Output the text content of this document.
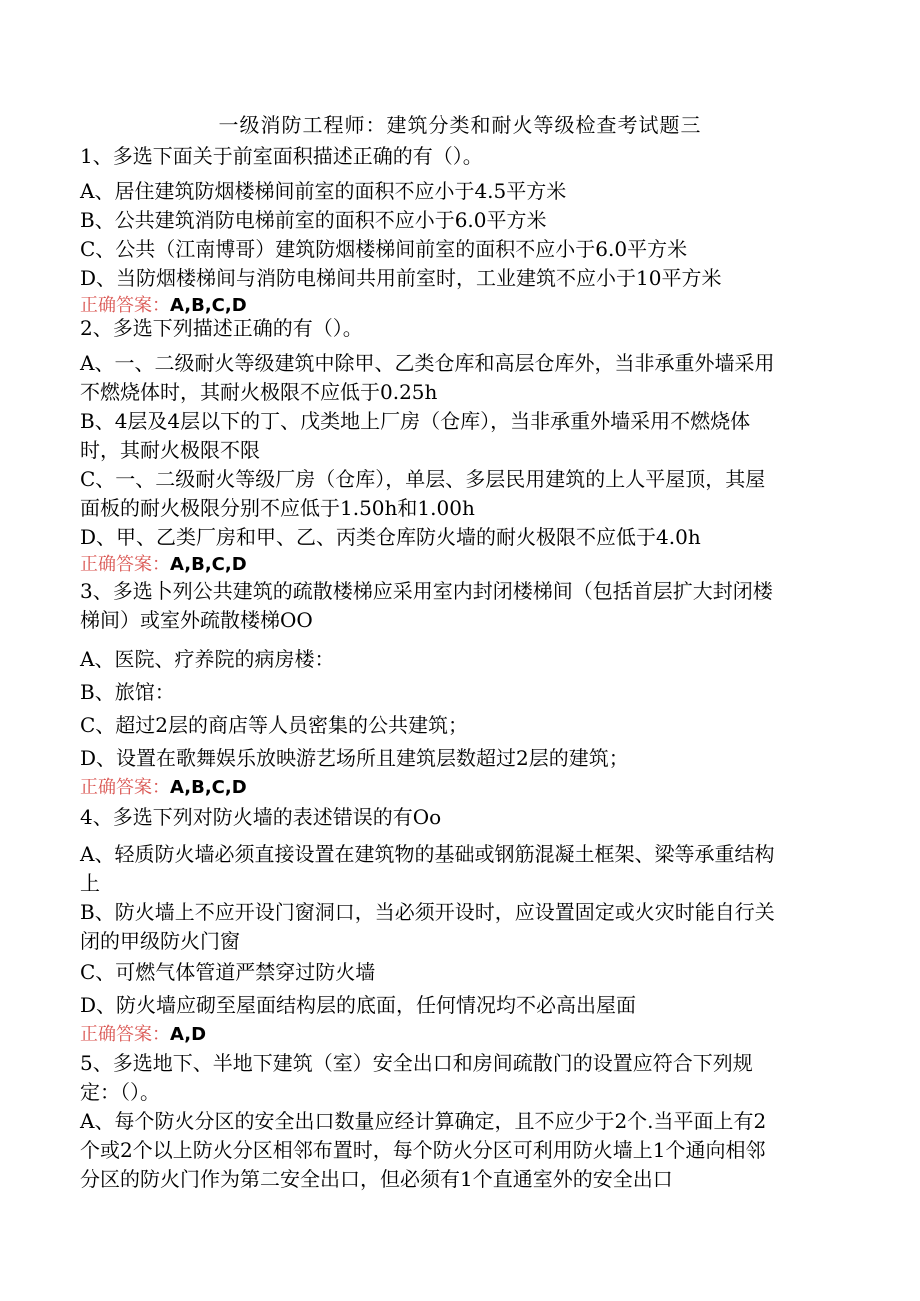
一级消防工程师：建筑分类和耐火等级检查考试题三
1、多选下面关于前室面积描述正确的有（）。
A、居住建筑防烟楼梯间前室的面积不应小于4.5平方米
B、公共建筑消防电梯前室的面积不应小于6.0平方米
C、公共（江南博哥）建筑防烟楼梯间前室的面积不应小于6.0平方米
D、当防烟楼梯间与消防电梯间共用前室时，工业建筑不应小于10平方米
正确答案：A,B,C,D
2、多选下列描述正确的有（）。
A、一、二级耐火等级建筑中除甲、乙类仓库和高层仓库外，当非承重外墙采用
不燃烧体时，其耐火极限不应低于0.25h
B、4层及4层以下的丁、戊类地上厂房（仓库），当非承重外墙采用不燃烧体
时，其耐火极限不限
C、一、二级耐火等级厂房（仓库），单层、多层民用建筑的上人平屋顶，其屋
面板的耐火极限分别不应低于1.50h和1.00h
D、甲、乙类厂房和甲、乙、丙类仓库防火墙的耐火极限不应低于4.0h
正确答案：A,B,C,D
3、多选卜列公共建筑的疏散楼梯应采用室内封闭楼梯间（包括首层扩大封闭楼
梯间）或室外疏散楼梯OO
A、医院、疗养院的病房楼：
B、旅馆：
C、超过2层的商店等人员密集的公共建筑；
D、设置在歌舞娱乐放映游艺场所且建筑层数超过2层的建筑；
正确答案：A,B,C,D
4、多选下列对防火墙的表述错误的有Oo
A、轻质防火墙必须直接设置在建筑物的基础或钢筋混凝土框架、梁等承重结构
上
B、防火墙上不应开设门窗洞口，当必须开设时，应设置固定或火灾时能自行关
闭的甲级防火门窗
C、可燃气体管道严禁穿过防火墙
D、防火墙应砌至屋面结构层的底面，任何情况均不必高出屋面
正确答案：A,D
5、多选地下、半地下建筑（室）安全出口和房间疏散门的设置应符合下列规
定：（）。
A、每个防火分区的安全出口数量应经计算确定，且不应少于2个.当平面上有2
个或2个以上防火分区相邻布置时，每个防火分区可利用防火墙上1个通向相邻
分区的防火门作为第二安全出口，但必须有1个直通室外的安全出口
